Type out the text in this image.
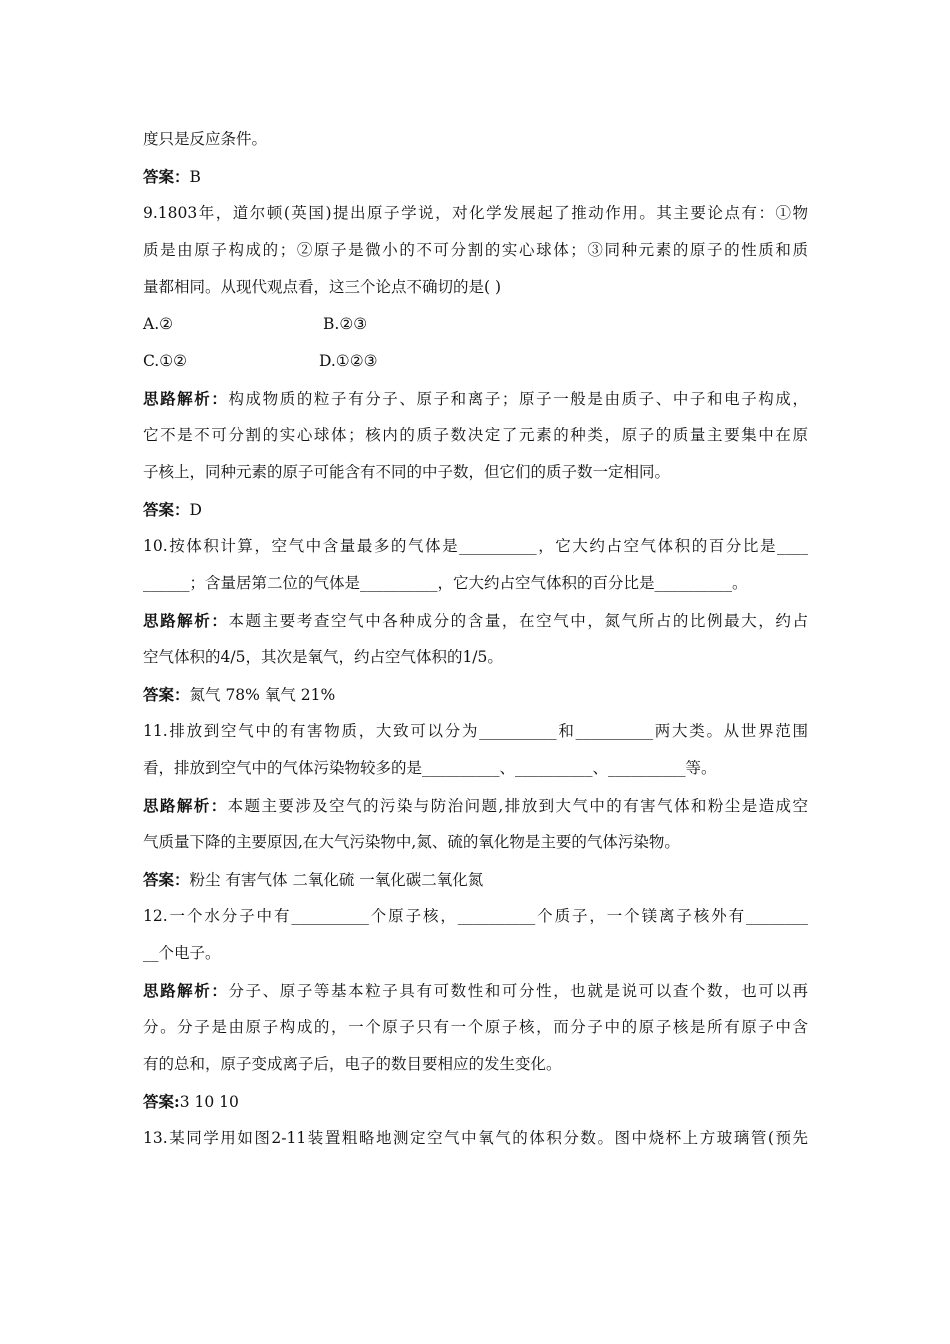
度只是反应条件。
答案：B
9.1803年，道尔顿(英国)提出原子学说，对化学发展起了推动作用。其主要论点有：①物
质是由原子构成的；②原子是微小的不可分割的实心球体；③同种元素的原子的性质和质
量都相同。从现代观点看，这三个论点不确切的是( )
A.②	B.②③
C.①②	D.①②③
思路解析：构成物质的粒子有分子、原子和离子；原子一般是由质子、中子和电子构成，
它不是不可分割的实心球体；核内的质子数决定了元素的种类，原子的质量主要集中在原
子核上，同种元素的原子可能含有不同的中子数，但它们的质子数一定相同。
答案：D
10.按体积计算，空气中含量最多的气体是__________，它大约占空气体积的百分比是____
______；含量居第二位的气体是__________，它大约占空气体积的百分比是__________。
思路解析：本题主要考查空气中各种成分的含量，在空气中，氮气所占的比例最大，约占
空气体积的4/5，其次是氧气，约占空气体积的1/5。
答案：氮气 78% 氧气 21%
11.排放到空气中的有害物质，大致可以分为__________和__________两大类。从世界范围
看，排放到空气中的气体污染物较多的是__________、__________、__________等。
思路解析：本题主要涉及空气的污染与防治问题,排放到大气中的有害气体和粉尘是造成空
气质量下降的主要原因,在大气污染物中,氮、硫的氧化物是主要的气体污染物。
答案：粉尘 有害气体 二氧化硫 一氧化碳二氧化氮
12.一个水分子中有__________个原子核，__________个质子，一个镁离子核外有________
__个电子。
思路解析：分子、原子等基本粒子具有可数性和可分性，也就是说可以查个数，也可以再
分。分子是由原子构成的，一个原子只有一个原子核，而分子中的原子核是所有原子中含
有的总和，原子变成离子后，电子的数目要相应的发生变化。
答案:3 10 10
13.某同学用如图2-11装置粗略地测定空气中氧气的体积分数。图中烧杯上方玻璃管(预先
